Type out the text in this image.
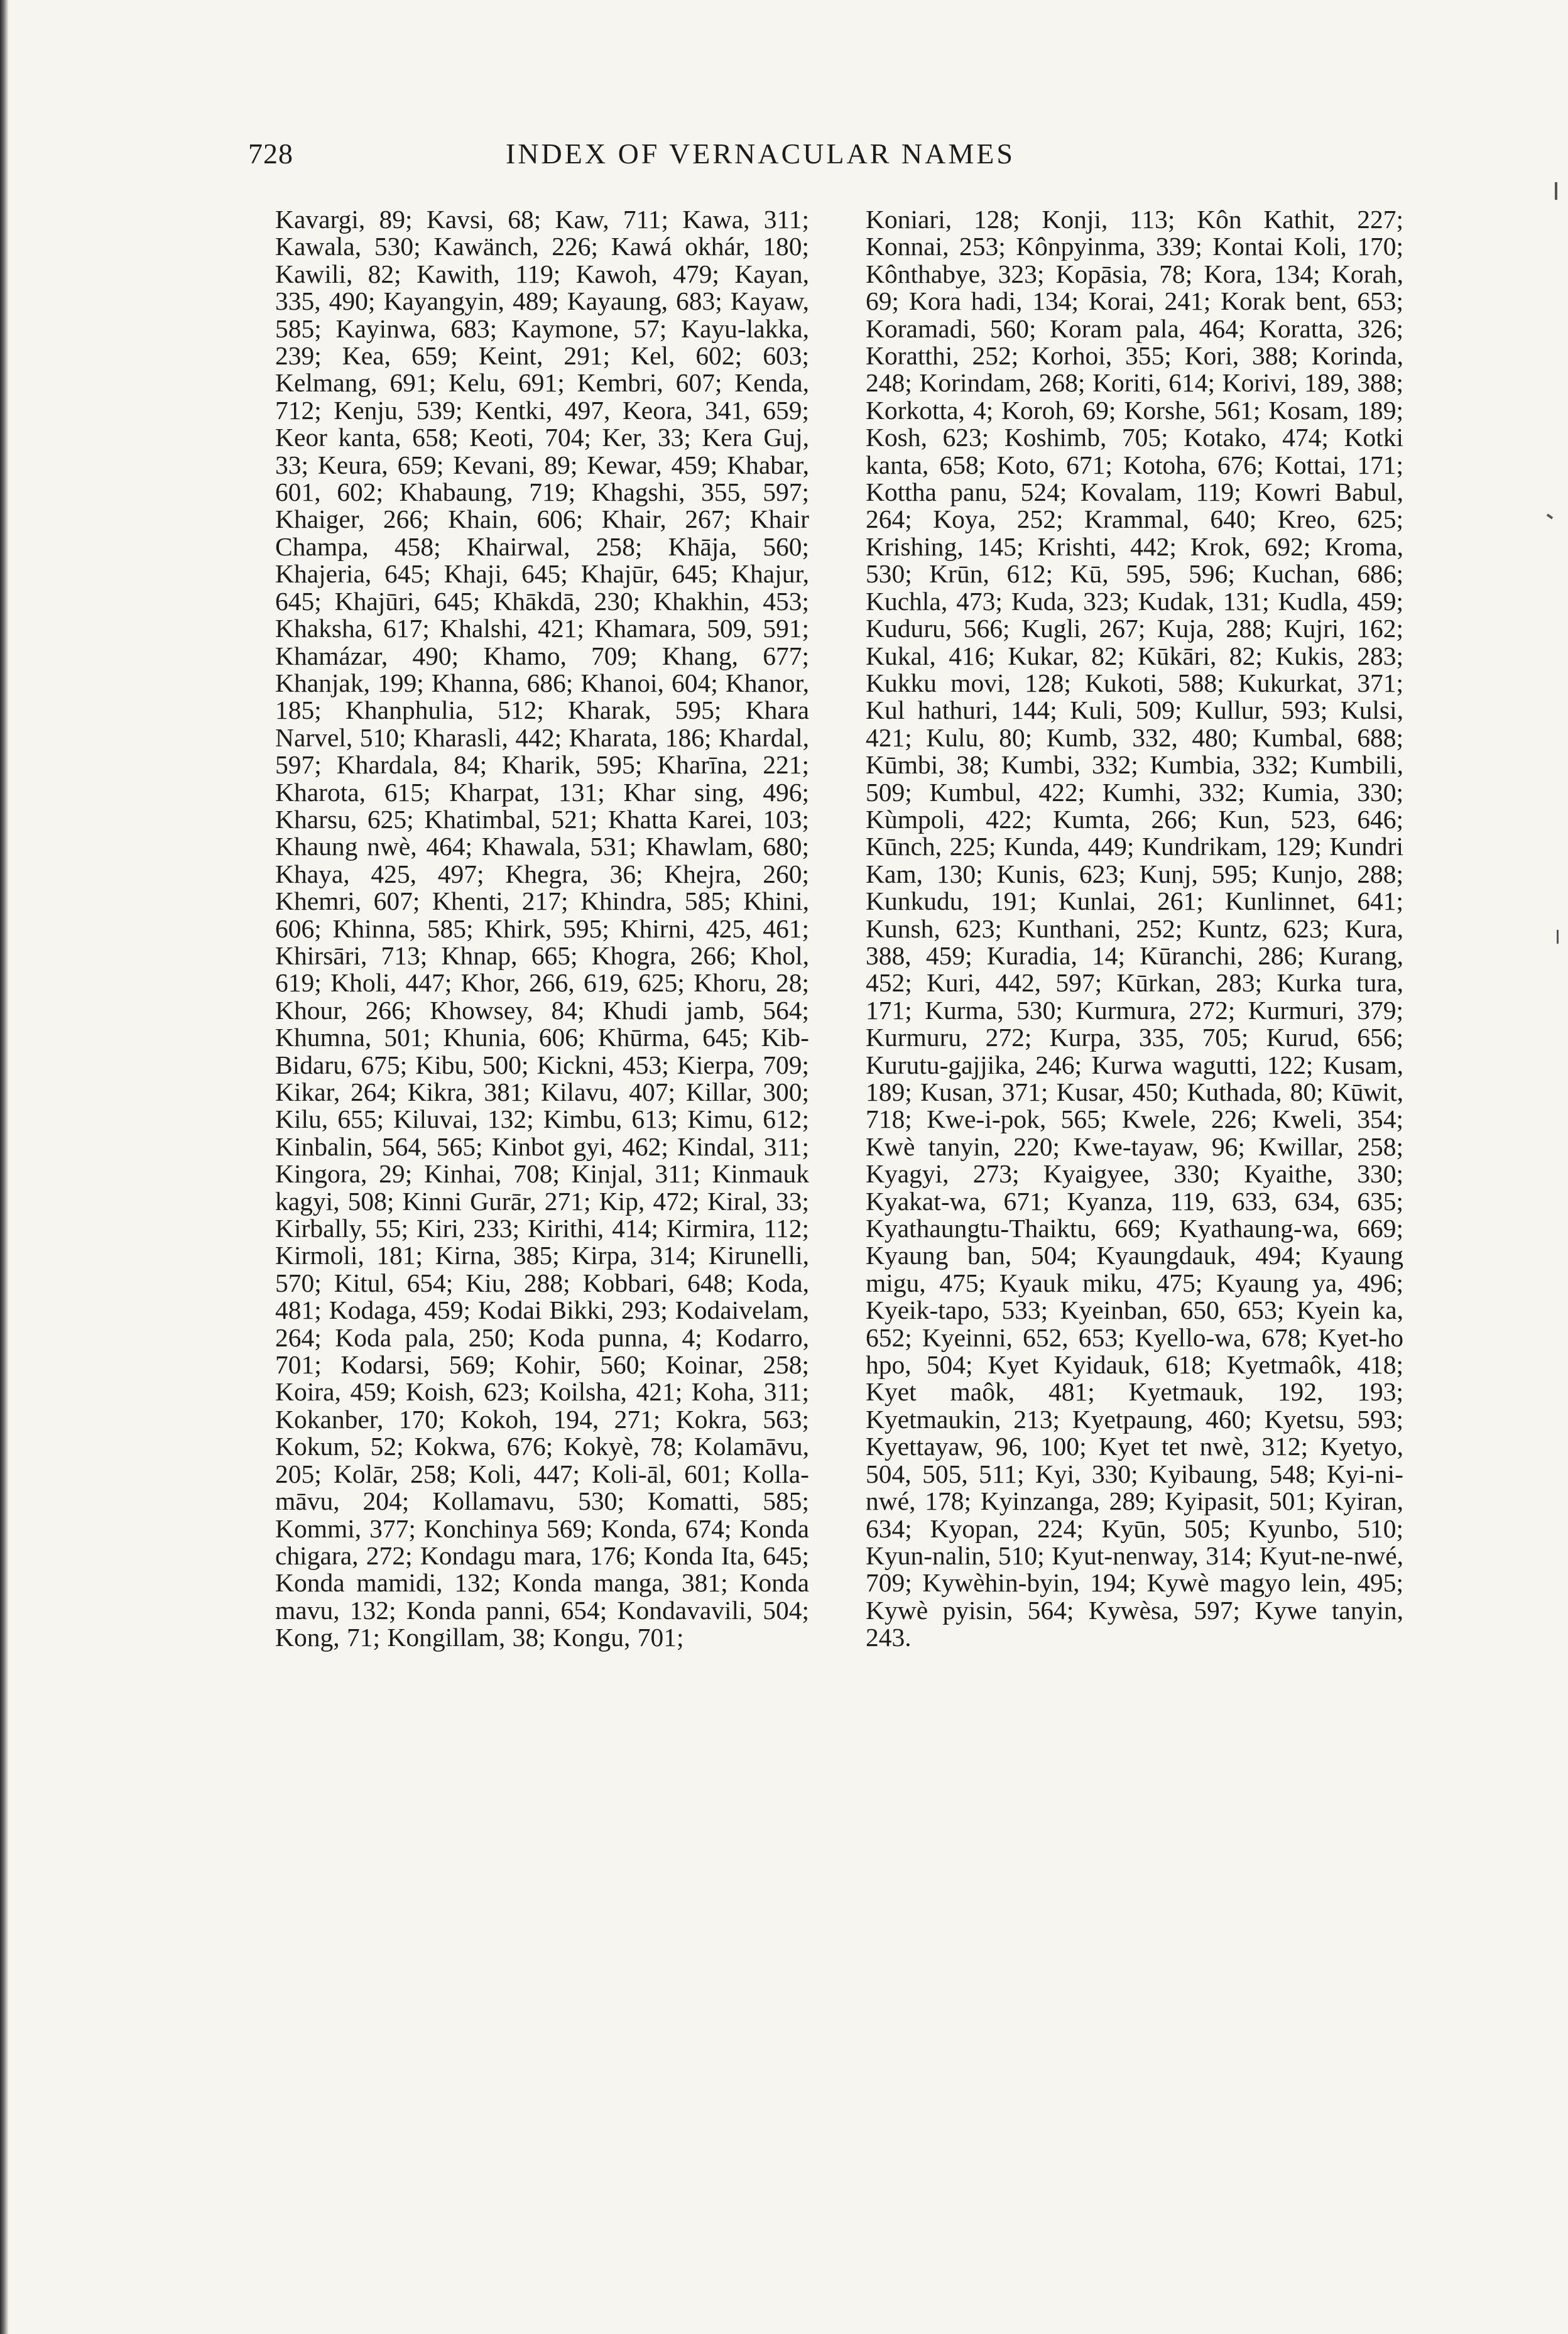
728	INDEX OF VERNACULAR NAMES
Kavargi, 89; Kavsi, 68; Kaw, 711; Kawa, 311; Kawala, 530; Kawänch, 226; Kawá okhár, 180; Kawili, 82; Kawith, 119; Kawoh, 479; Kayan, 335, 490; Kayangyin, 489; Kayaung, 683; Kayaw, 585; Kayinwa, 683; Kaymone, 57; Kayu-lakka, 239; Kea, 659; Keint, 291; Kel, 602; 603; Kelmang, 691; Kelu, 691; Kembri, 607; Kenda, 712; Kenju, 539; Kentki, 497, Keora, 341, 659; Keor kanta, 658; Keoti, 704; Ker, 33; Kera Guj, 33; Keura, 659; Kevani, 89; Kewar, 459; Khabar, 601, 602; Khabaung, 719; Khagshi, 355, 597; Khaiger, 266; Khain, 606; Khair, 267; Khair Champa, 458; Khairwal, 258; Khāja, 560; Khajeria, 645; Khaji, 645; Khajūr, 645; Khajur, 645; Khajūri, 645; Khākdā, 230; Khakhin, 453; Khaksha, 617; Khalshi, 421; Khamara, 509, 591; Khamázar, 490; Khamo, 709; Khang, 677; Khanjak, 199; Khanna, 686; Khanoi, 604; Khanor, 185; Khanphulia, 512; Kharak, 595; Khara Narvel, 510; Kharasli, 442; Kharata, 186; Khardal, 597; Khardala, 84; Kharik, 595; Kharīna, 221; Kharota, 615; Kharpat, 131; Khar sing, 496; Kharsu, 625; Khatimbal, 521; Khatta Karei, 103; Khaung nwè, 464; Khawala, 531; Khawlam, 680; Khaya, 425, 497; Khegra, 36; Khejra, 260; Khemri, 607; Khenti, 217; Khindra, 585; Khini, 606; Khinna, 585; Khirk, 595; Khirni, 425, 461; Khirsāri, 713; Khnap, 665; Khogra, 266; Khol, 619; Kholi, 447; Khor, 266, 619, 625; Khoru, 28; Khour, 266; Khowsey, 84; Khudi jamb, 564; Khumna, 501; Khunia, 606; Khūrma, 645; Kib-Bidaru, 675; Kibu, 500; Kickni, 453; Kierpa, 709; Kikar, 264; Kikra, 381; Kilavu, 407; Killar, 300; Kilu, 655; Kiluvai, 132; Kimbu, 613; Kimu, 612; Kinbalin, 564, 565; Kinbot gyi, 462; Kindal, 311; Kingora, 29; Kinhai, 708; Kinjal, 311; Kinmauk kagyi, 508; Kinni Gurār, 271; Kip, 472; Kiral, 33; Kirbally, 55; Kiri, 233; Kirithi, 414; Kirmira, 112; Kirmoli, 181; Kirna, 385; Kirpa, 314; Kirunelli, 570; Kitul, 654; Kiu, 288; Kobbari, 648; Koda, 481; Kodaga, 459; Kodai Bikki, 293; Kodaivelam, 264; Koda pala, 250; Koda punna, 4; Kodarro, 701; Kodarsi, 569; Kohir, 560; Koinar, 258; Koira, 459; Koish, 623; Koilsha, 421; Koha, 311; Kokanber, 170; Kokoh, 194, 271; Kokra, 563; Kokum, 52; Kokwa, 676; Kokyè, 78; Kolamāvu, 205; Kolār, 258; Koli, 447; Koli-āl, 601; Kolla-māvu, 204; Kollamavu, 530; Komatti, 585; Kommi, 377; Konchinya 569; Konda, 674; Konda chigara, 272; Kondagu mara, 176; Konda Ita, 645; Konda mamidi, 132; Konda manga, 381; Konda mavu, 132; Konda panni, 654; Kondavavili, 504; Kong, 71; Kongillam, 38; Kongu, 701;
Koniari, 128; Konji, 113; Kôn Kathit, 227; Konnai, 253; Kônpyinma, 339; Kontai Koli, 170; Kônthabye, 323; Kopāsia, 78; Kora, 134; Korah, 69; Kora hadi, 134; Korai, 241; Korak bent, 653; Koramadi, 560; Koram pala, 464; Koratta, 326; Koratthi, 252; Korhoi, 355; Kori, 388; Korinda, 248; Korindam, 268; Koriti, 614; Korivi, 189, 388; Korkotta, 4; Koroh, 69; Korshe, 561; Kosam, 189; Kosh, 623; Koshimb, 705; Kotako, 474; Kotki kanta, 658; Koto, 671; Kotoha, 676; Kottai, 171; Kottha panu, 524; Kovalam, 119; Kowri Babul, 264; Koya, 252; Krammal, 640; Kreo, 625; Krishing, 145; Krishti, 442; Krok, 692; Kroma, 530; Krūn, 612; Kū, 595, 596; Kuchan, 686; Kuchla, 473; Kuda, 323; Kudak, 131; Kudla, 459; Kuduru, 566; Kugli, 267; Kuja, 288; Kujri, 162; Kukal, 416; Kukar, 82; Kūkāri, 82; Kukis, 283; Kukku movi, 128; Kukoti, 588; Kukurkat, 371; Kul hathuri, 144; Kuli, 509; Kullur, 593; Kulsi, 421; Kulu, 80; Kumb, 332, 480; Kumbal, 688; Kūmbi, 38; Kumbi, 332; Kumbia, 332; Kumbili, 509; Kumbul, 422; Kumhi, 332; Kumia, 330; Kùmpoli, 422; Kumta, 266; Kun, 523, 646; Kūnch, 225; Kunda, 449; Kundrikam, 129; Kundri Kam, 130; Kunis, 623; Kunj, 595; Kunjo, 288; Kunkudu, 191; Kunlai, 261; Kunlinnet, 641; Kunsh, 623; Kunthani, 252; Kuntz, 623; Kura, 388, 459; Kuradia, 14; Kūranchi, 286; Kurang, 452; Kuri, 442, 597; Kūrkan, 283; Kurka tura, 171; Kurma, 530; Kurmura, 272; Kurmuri, 379; Kurmuru, 272; Kurpa, 335, 705; Kurud, 656; Kurutu-gajjika, 246; Kurwa wagutti, 122; Kusam, 189; Kusan, 371; Kusar, 450; Kuthada, 80; Kūwit, 718; Kwe-i-pok, 565; Kwele, 226; Kweli, 354; Kwè tanyin, 220; Kwe-tayaw, 96; Kwillar, 258; Kyagyi, 273; Kyaigyee, 330; Kyaithe, 330; Kyakat-wa, 671; Kyanza, 119, 633, 634, 635; Kyathaungtu-Thaiktu, 669; Kyathaung-wa, 669; Kyaung ban, 504; Kyaungdauk, 494; Kyaung migu, 475; Kyauk miku, 475; Kyaung ya, 496; Kyeik-tapo, 533; Kyeinban, 650, 653; Kyein ka, 652; Kyeinni, 652, 653; Kyello-wa, 678; Kyet-ho hpo, 504; Kyet Kyidauk, 618; Kyetmaôk, 418; Kyet maôk, 481; Kyetmauk, 192, 193; Kyetmaukin, 213; Kyetpaung, 460; Kyetsu, 593; Kyettayaw, 96, 100; Kyet tet nwè, 312; Kyetyo, 504, 505, 511; Kyi, 330; Kyibaung, 548; Kyi-ni-nwé, 178; Kyinzanga, 289; Kyipasit, 501; Kyiran, 634; Kyopan, 224; Kyūn, 505; Kyunbo, 510; Kyun-nalin, 510; Kyut-nenway, 314; Kyut-ne-nwé, 709; Kywèhin-byin, 194; Kywè magyo lein, 495; Kywè pyisin, 564; Kywèsa, 597; Kywe tanyin, 243.
